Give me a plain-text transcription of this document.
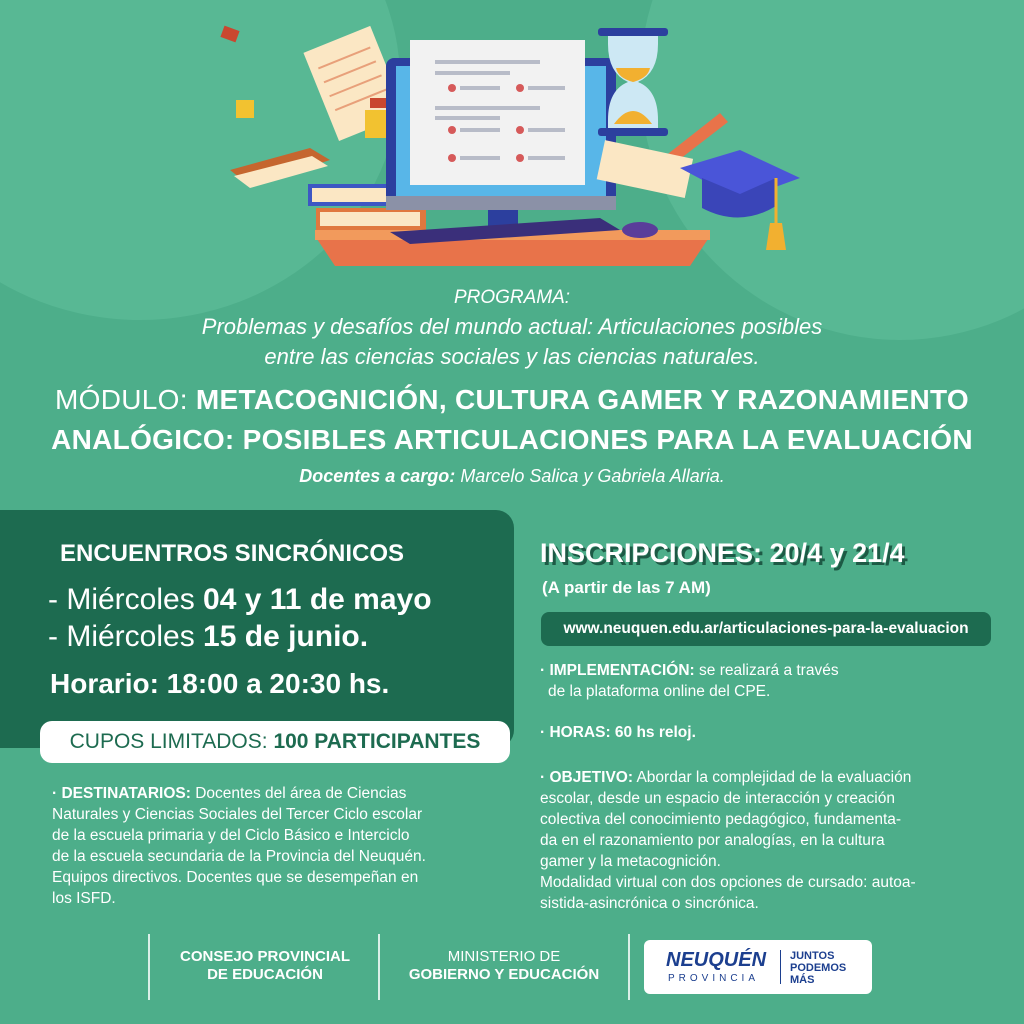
PROGRAMA:
Problemas y desafíos del mundo actual: Articulaciones posibles
entre las ciencias sociales y las ciencias naturales.
MÓDULO: METACOGNICIÓN, CULTURA GAMER Y RAZONAMIENTO
ANALÓGICO: POSIBLES ARTICULACIONES PARA LA EVALUACIÓN
Docentes a cargo: Marcelo Salica y Gabriela Allaria.
ENCUENTROS SINCRÓNICOS
- Miércoles 04 y 11 de mayo
- Miércoles 15 de junio.
Horario: 18:00 a 20:30 hs.
CUPOS LIMITADOS: 100 PARTICIPANTES
· DESTINATARIOS: Docentes del área de Ciencias
Naturales y Ciencias Sociales del Tercer Ciclo escolar
de la escuela primaria y del Ciclo Básico e Interciclo
de la escuela secundaria de la Provincia del Neuquén.
Equipos directivos. Docentes que se desempeñan en
los ISFD.
INSCRIPCIONES: 20/4 y 21/4
(A partir de las 7 AM)
www.neuquen.edu.ar/articulaciones-para-la-evaluacion
· IMPLEMENTACIÓN: se realizará a través
de la plataforma online del CPE.
· HORAS: 60 hs reloj.
· OBJETIVO: Abordar la complejidad de la evaluación
escolar, desde un espacio de interacción y creación
colectiva del conocimiento pedagógico, fundamenta-
da en el razonamiento por analogías, en la cultura
gamer y la metacognición.
Modalidad virtual con dos opciones de cursado: autoa-
sistida-asincrónica o sincrónica.
CONSEJO PROVINCIAL
DE EDUCACIÓN
MINISTERIO DE
GOBIERNO Y EDUCACIÓN
NEUQUÉN
PROVINCIA
JUNTOS
PODEMOS
MÁS
